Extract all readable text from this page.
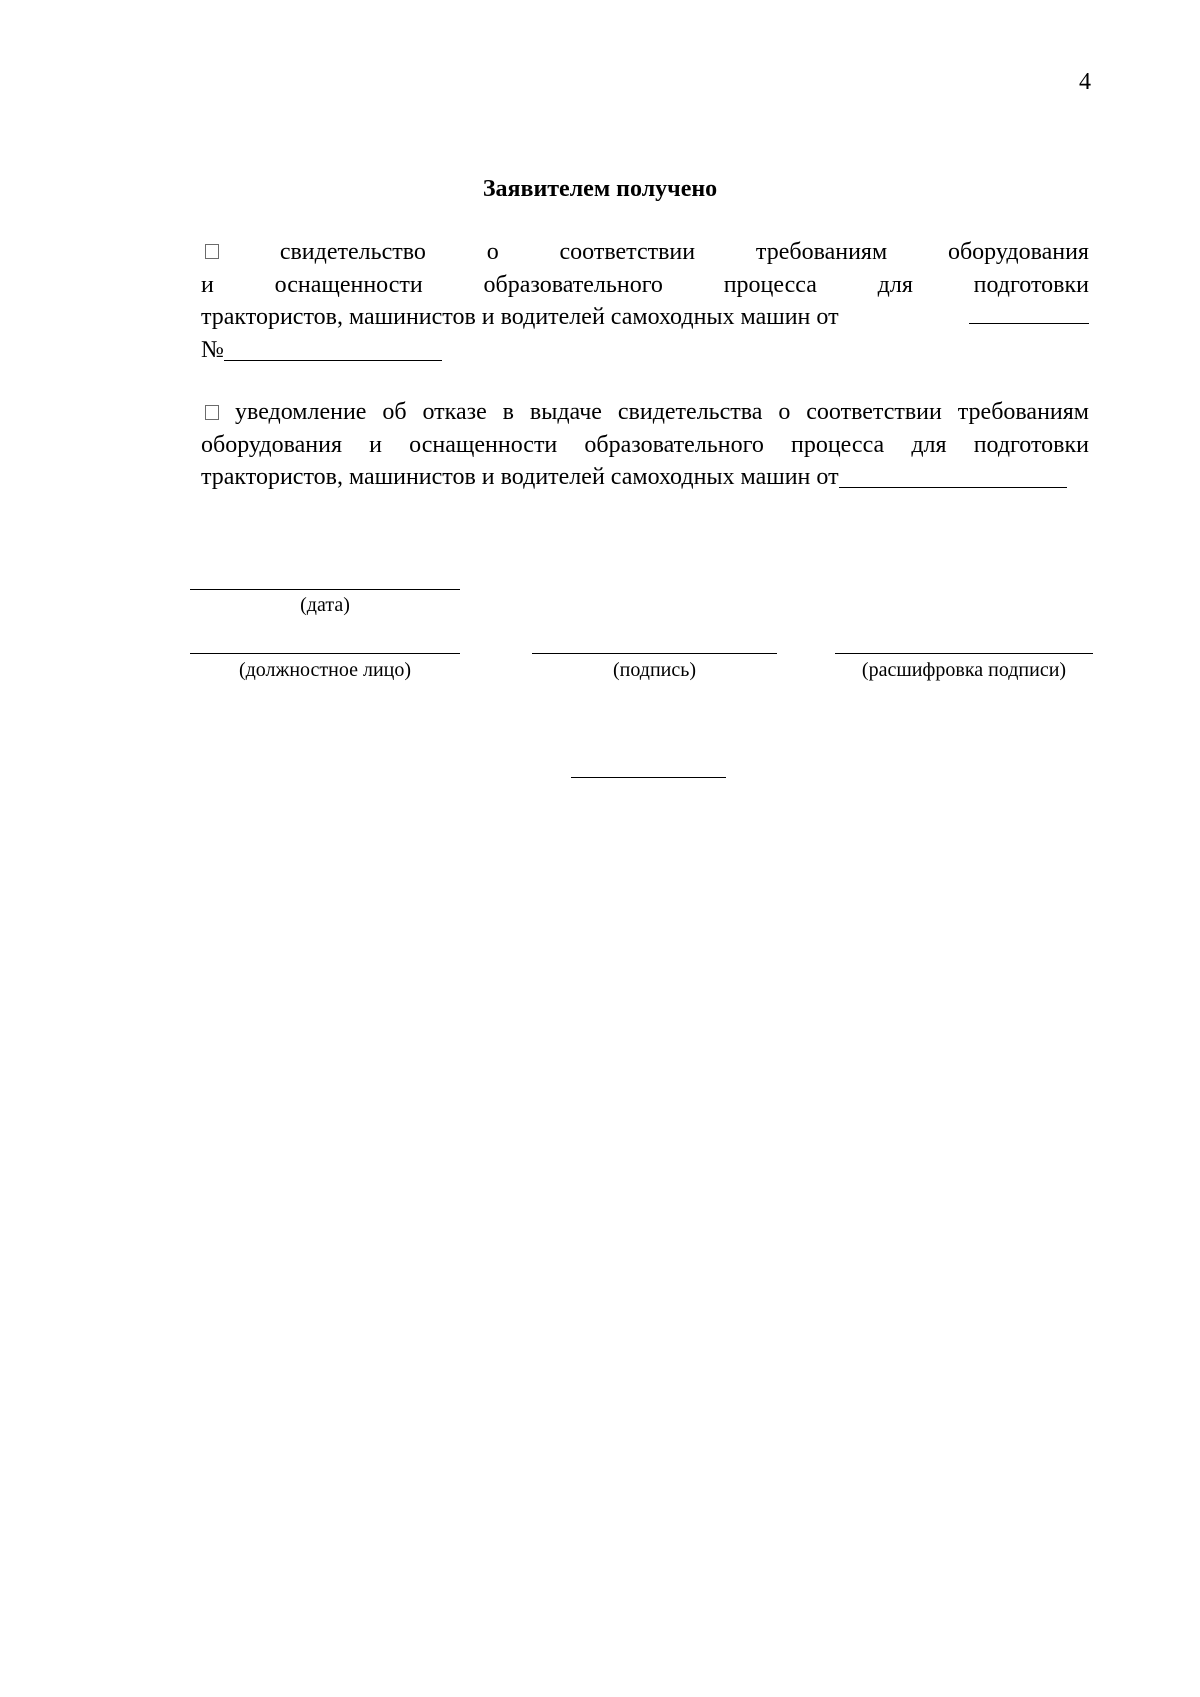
4
Заявителем получено
свидетельство	о	соответствии	требованиям	оборудования
и	оснащенности	образовательного	процесса	для	подготовки
трактористов, машинистов и водителей самоходных машин от
№
уведомление об отказе в выдаче свидетельства о соответствии требованиям оборудования и оснащенности образовательного процесса для подготовки трактористов, машинистов и водителей самоходных машин от
(дата)
(должностное лицо)	(подпись)	(расшифровка подписи)
